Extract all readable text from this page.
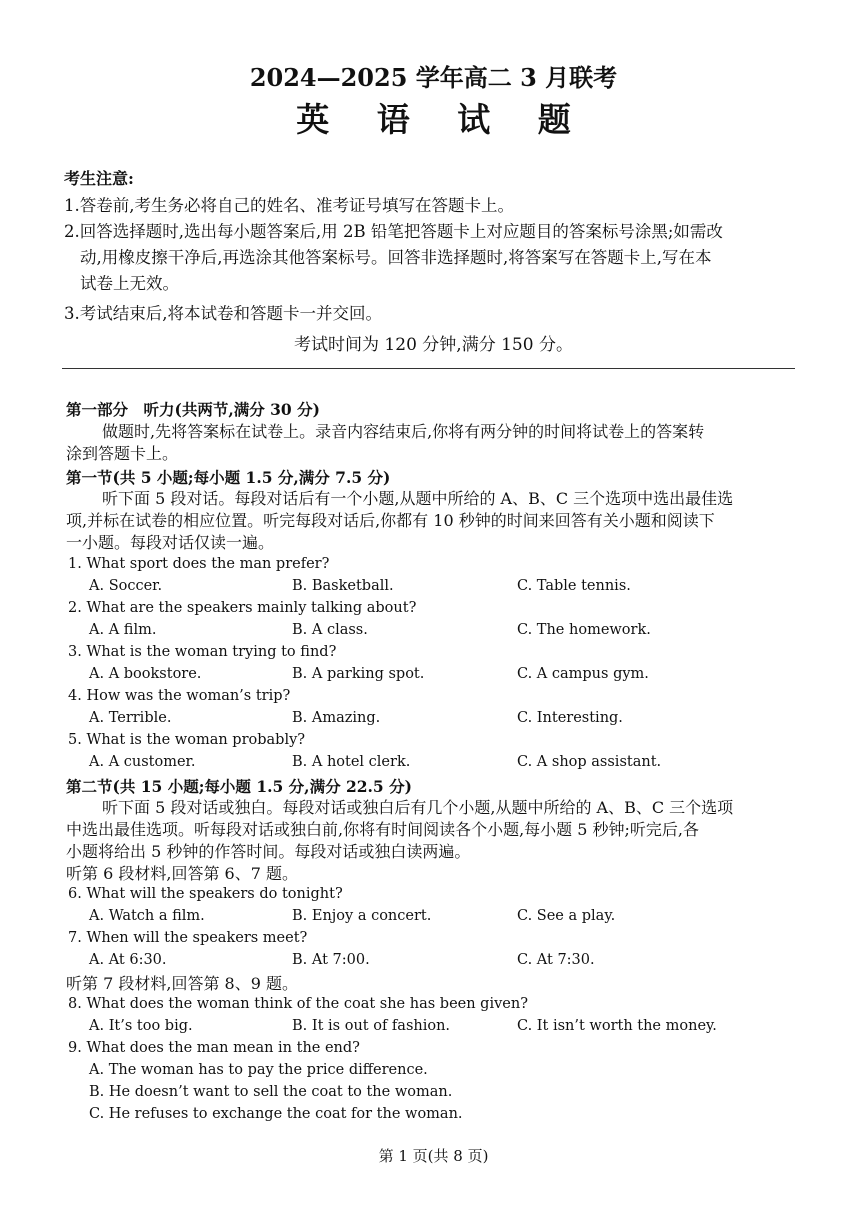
2024—2025 学年高二 3 月联考
英 语 试 题
考生注意:
1.答卷前,考生务必将自己的姓名、准考证号填写在答题卡上。
2.回答选择题时,选出每小题答案后,用 2B 铅笔把答题卡上对应题目的答案标号涂黑;如需改
动,用橡皮擦干净后,再选涂其他答案标号。回答非选择题时,将答案写在答题卡上,写在本
试卷上无效。
3.考试结束后,将本试卷和答题卡一并交回。
考试时间为 120 分钟,满分 150 分。
第一部分　听力(共两节,满分 30 分)
做题时,先将答案标在试卷上。录音内容结束后,你将有两分钟的时间将试卷上的答案转
涂到答题卡上。
第一节(共 5 小题;每小题 1.5 分,满分 7.5 分)
听下面 5 段对话。每段对话后有一个小题,从题中所给的 A、B、C 三个选项中选出最佳选
项,并标在试卷的相应位置。听完每段对话后,你都有 10 秒钟的时间来回答有关小题和阅读下
一小题。每段对话仅读一遍。
1. What sport does the man prefer?
A. Soccer.	B. Basketball.	C. Table tennis.
2. What are the speakers mainly talking about?
A. A film.	B. A class.	C. The homework.
3. What is the woman trying to find?
A. A bookstore.	B. A parking spot.	C. A campus gym.
4. How was the woman’s trip?
A. Terrible.	B. Amazing.	C. Interesting.
5. What is the woman probably?
A. A customer.	B. A hotel clerk.	C. A shop assistant.
第二节(共 15 小题;每小题 1.5 分,满分 22.5 分)
听下面 5 段对话或独白。每段对话或独白后有几个小题,从题中所给的 A、B、C 三个选项
中选出最佳选项。听每段对话或独白前,你将有时间阅读各个小题,每小题 5 秒钟;听完后,各
小题将给出 5 秒钟的作答时间。每段对话或独白读两遍。
听第 6 段材料,回答第 6、7 题。
6. What will the speakers do tonight?
A. Watch a film.	B. Enjoy a concert.	C. See a play.
7. When will the speakers meet?
A. At 6:30.	B. At 7:00.	C. At 7:30.
听第 7 段材料,回答第 8、9 题。
8. What does the woman think of the coat she has been given?
A. It’s too big.	B. It is out of fashion.	C. It isn’t worth the money.
9. What does the man mean in the end?
A. The woman has to pay the price difference.
B. He doesn’t want to sell the coat to the woman.
C. He refuses to exchange the coat for the woman.
第 1 页(共 8 页)
